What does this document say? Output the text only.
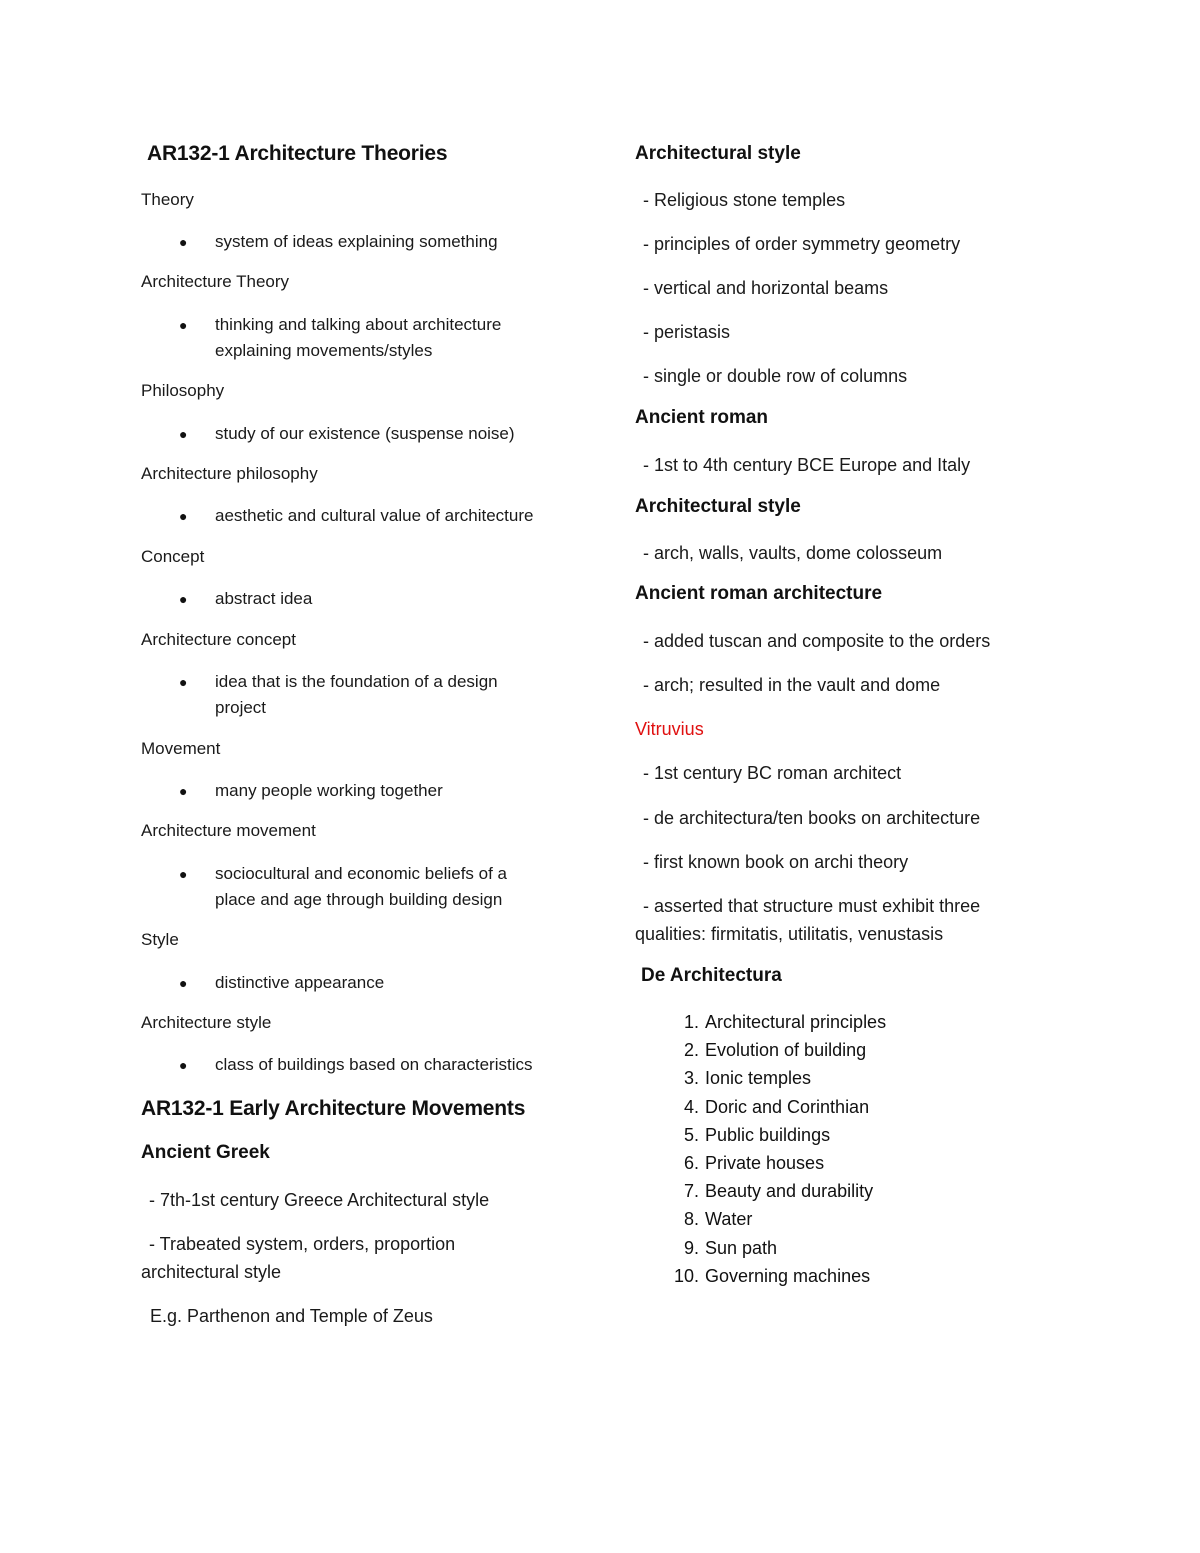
AR132-1 Architecture Theories
Theory
● system of ideas explaining something
Architecture Theory
● thinking and talking about architecture explaining movements/styles
Philosophy
● study of our existence (suspense noise)
Architecture philosophy
● aesthetic and cultural value of architecture
Concept
● abstract idea
Architecture concept
● idea that is the foundation of a design project
Movement
● many people working together
Architecture movement
● sociocultural and economic beliefs of a place and age through building design
Style
● distinctive appearance
Architecture style
● class of buildings based on characteristics
AR132-1 Early Architecture Movements
Ancient Greek
- 7th-1st century Greece Architectural style
- Trabeated system, orders, proportion architectural style
E.g. Parthenon and Temple of Zeus
Architectural style
- Religious stone temples
- principles of order symmetry geometry
- vertical and horizontal beams
- peristasis
- single or double row of columns
Ancient roman
- 1st to 4th century BCE Europe and Italy
Architectural style
- arch, walls, vaults, dome colosseum
Ancient roman architecture
- added tuscan and composite to the orders
- arch; resulted in the vault and dome
Vitruvius
- 1st century BC roman architect
- de architectura/ten books on architecture
- first known book on archi theory
- asserted that structure must exhibit three qualities: firmitatis, utilitatis, venustasis
De Architectura
1. Architectural principles
2. Evolution of building
3. Ionic temples
4. Doric and Corinthian
5. Public buildings
6. Private houses
7. Beauty and durability
8. Water
9. Sun path
10. Governing machines
